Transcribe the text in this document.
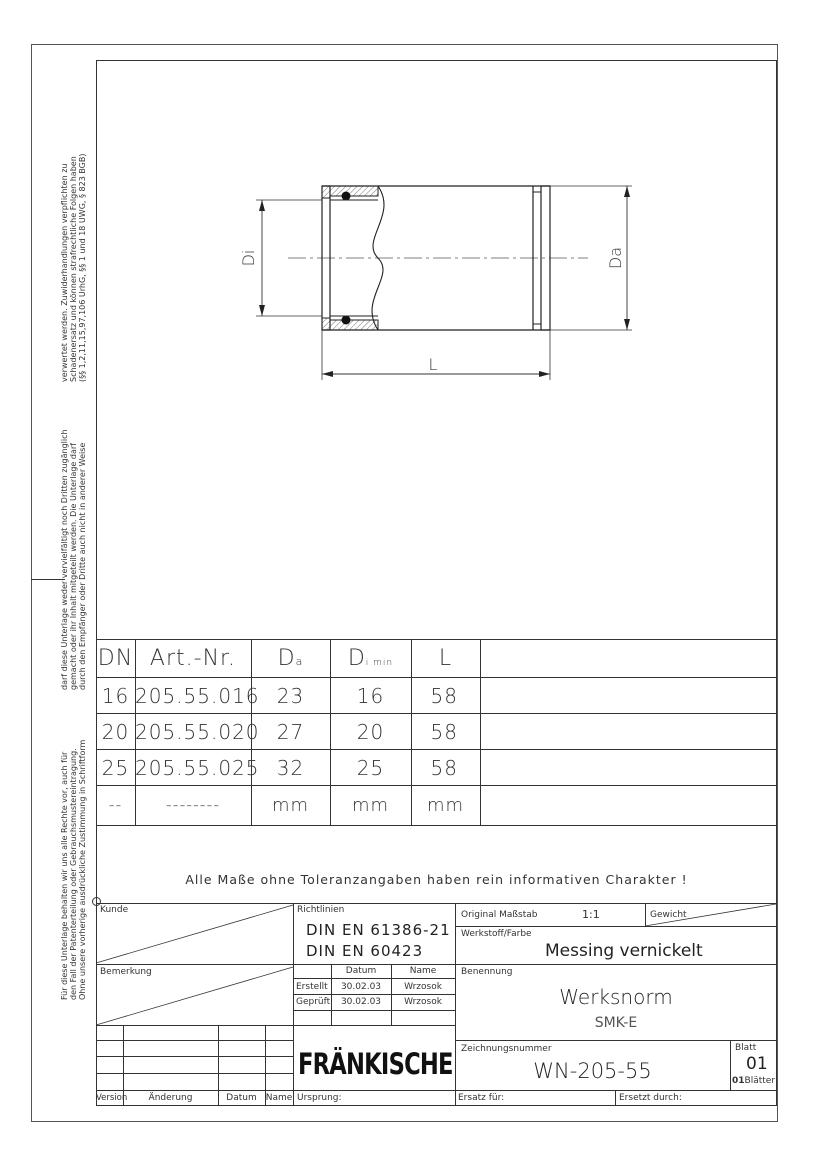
Für diese Unterlage behalten wir uns alle Rechte vor, auch für den Fall der Patenterteilung oder Gebrauchsmustereintragung. Ohne unsere vorherige ausdrückliche Zustimmung in Schriftform
darf diese Unterlage weder vervielfältigt noch Dritten zugänglich gemacht oder ihr Inhalt mitgeteilt werden. Die Unterlage darf durch den Empfänger oder Dritte auch nicht in anderer Weise
verwertet werden. Zuwiderhandlungen verpflichten zu Schadenersatz und können strafrechtliche Folgen haben (§§ 1,2,11,15,97,106 UrhG, §§ 1 und 18 UWG, § 823 BGB)	Di	Da
L
DN Art.-Nr.	Da	Di min	L
16 205.55.016 23	16	58
20 205.55.020 27	20	58
25 205.55.025 32	25	58
--	--------	mm	mm	mm
Alle Maße ohne Toleranzangaben haben rein informativen Charakter !
Kunde
Bemerkung
Richtlinien
DIN EN 61386-21
DIN EN 60423
Datum	Name
Erstellt	30.02.03	Wrzosok
Geprüft	30.02.03	Wrzosok
Original Maßstab	1:1	Gewicht
Werkstoff/Farbe
Messing vernickelt
Benennung
Werksnorm
SMK-E
Zeichnungsnummer
WN-205-55
Blatt
01
01Blätter
Version	Änderung	Datum	Name
FRÄNKISCHE
Ursprung:	Ersatz für:	Ersetzt durch:
